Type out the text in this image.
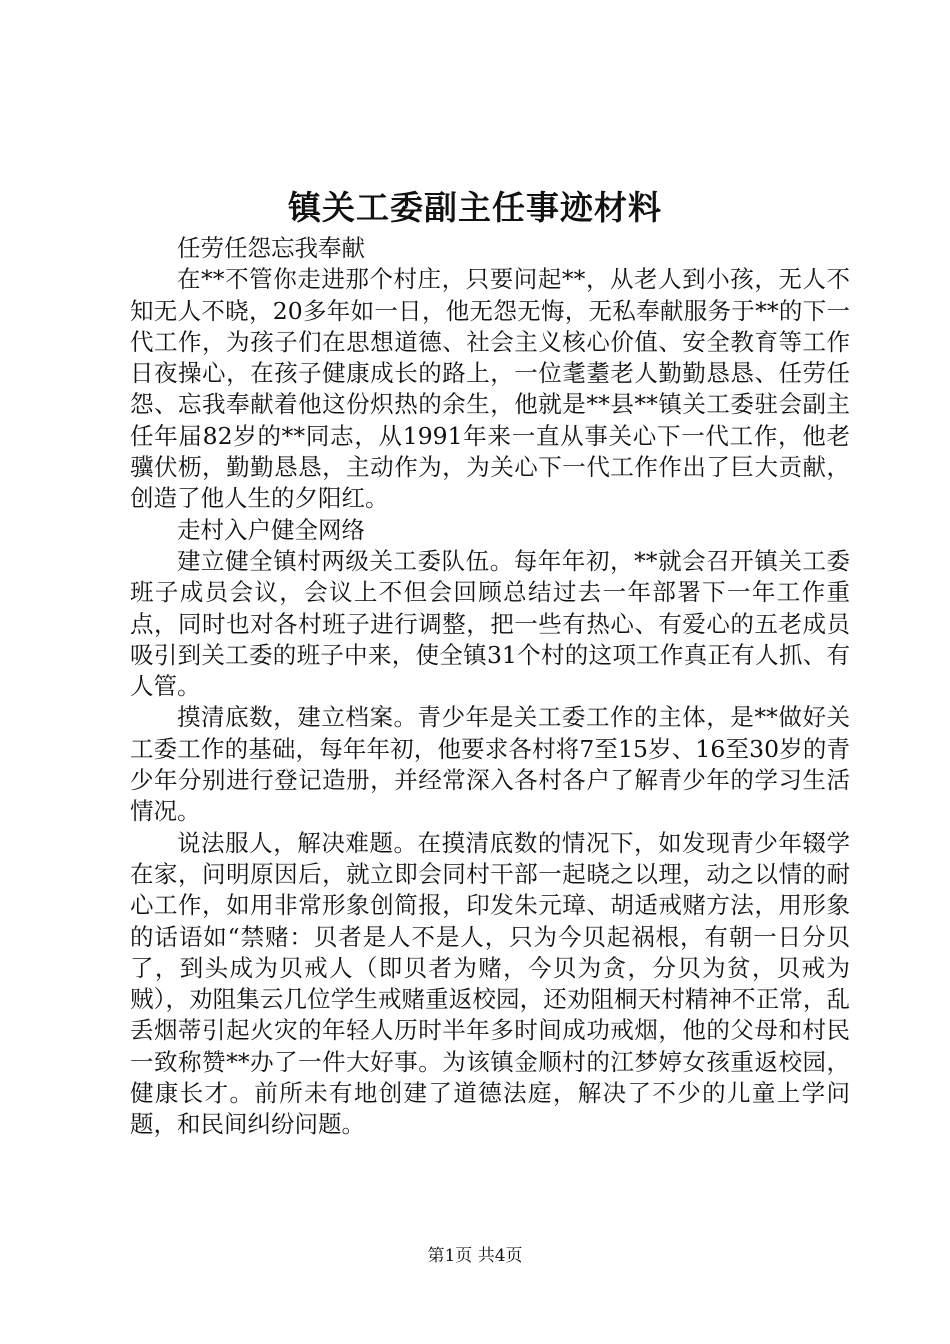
镇关工委副主任事迹材料

任劳任怨忘我奉献

在**不管你走进那个村庄，只要问起**，从老人到小孩，无人不知无人不晓，20多年如一日，他无怨无悔，无私奉献服务于**的下一代工作，为孩子们在思想道德、社会主义核心价值、安全教育等工作日夜操心，在孩子健康成长的路上，一位耄耋老人勤勤恳恳、任劳任怨、忘我奉献着他这份炽热的余生，他就是**县**镇关工委驻会副主任年届82岁的**同志，从1991年来一直从事关心下一代工作，他老骥伏枥，勤勤恳恳，主动作为，为关心下一代工作作出了巨大贡献，创造了他人生的夕阳红。

走村入户健全网络

建立健全镇村两级关工委队伍。每年年初，**就会召开镇关工委班子成员会议，会议上不但会回顾总结过去一年部署下一年工作重点，同时也对各村班子进行调整，把一些有热心、有爱心的五老成员吸引到关工委的班子中来，使全镇31个村的这项工作真正有人抓、有人管。

摸清底数，建立档案。青少年是关工委工作的主体，是**做好关工委工作的基础，每年年初，他要求各村将7至15岁、16至30岁的青少年分别进行登记造册，并经常深入各村各户了解青少年的学习生活情况。

说法服人，解决难题。在摸清底数的情况下，如发现青少年辍学在家，问明原因后，就立即会同村干部一起晓之以理，动之以情的耐心工作，如用非常形象创简报，印发朱元璋、胡适戒赌方法，用形象的话语如“禁赌：贝者是人不是人，只为今贝起祸根，有朝一日分贝了，到头成为贝戒人（即贝者为赌，今贝为贪，分贝为贫，贝戒为贼），劝阻集云几位学生戒赌重返校园，还劝阻桐天村精神不正常，乱丢烟蒂引起火灾的年轻人历时半年多时间成功戒烟，他的父母和村民一致称赞**办了一件大好事。为该镇金顺村的江梦婷女孩重返校园，健康长才。前所未有地创建了道德法庭，解决了不少的儿童上学问题，和民间纠纷问题。

第1页 共4页
